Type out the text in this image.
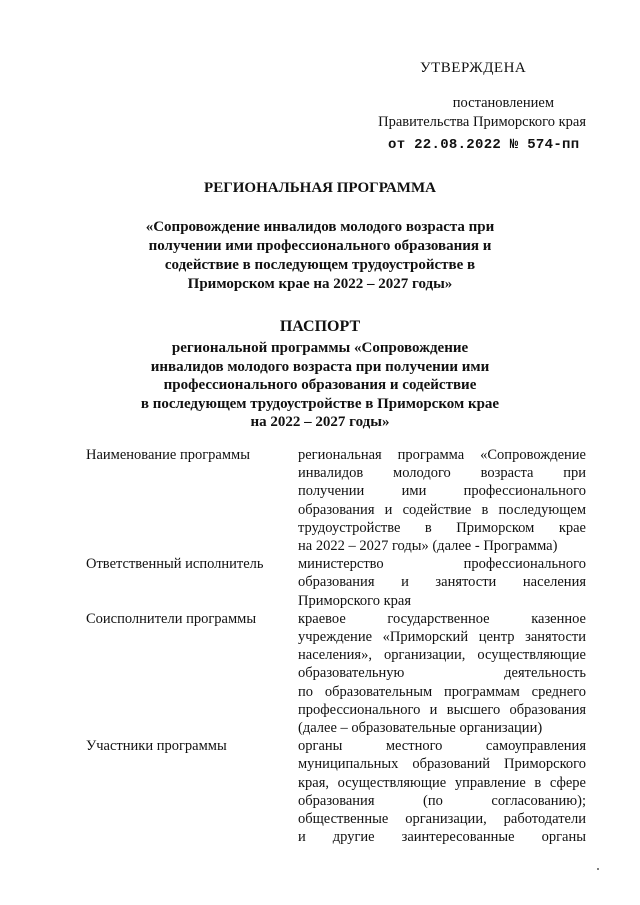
УТВЕРЖДЕНА
постановлением
Правительства Приморского края
от 22.08.2022 № 574-пп
РЕГИОНАЛЬНАЯ ПРОГРАММА
«Сопровождение инвалидов молодого возраста при
получении ими профессионального образования и
содействие в последующем трудоустройстве в
Приморском крае на 2022 – 2027 годы»
ПАСПОРТ
региональной программы «Сопровождение
инвалидов молодого возраста при получении ими
профессионального образования и содействие
в последующем трудоустройстве в Приморском крае
на 2022 – 2027 годы»
Наименование программы	региональная программа «Сопровождение
инвалидов молодого возраста при
получении ими профессионального
образования и содействие в последующем
трудоустройстве в Приморском крае
на 2022 – 2027 годы» (далее - Программа)
Ответственный исполнитель	министерство профессионального
образования и занятости населения
Приморского края
Соисполнители программы	краевое государственное казенное
учреждение «Приморский центр занятости
населения», организации, осуществляющие
образовательную деятельность
по образовательным программам среднего
профессионального и высшего образования
(далее – образовательные организации)
Участники программы	органы местного самоуправления
муниципальных образований Приморского
края, осуществляющие управление в сфере
образования (по согласованию);
общественные организации, работодатели
и другие заинтересованные органы
